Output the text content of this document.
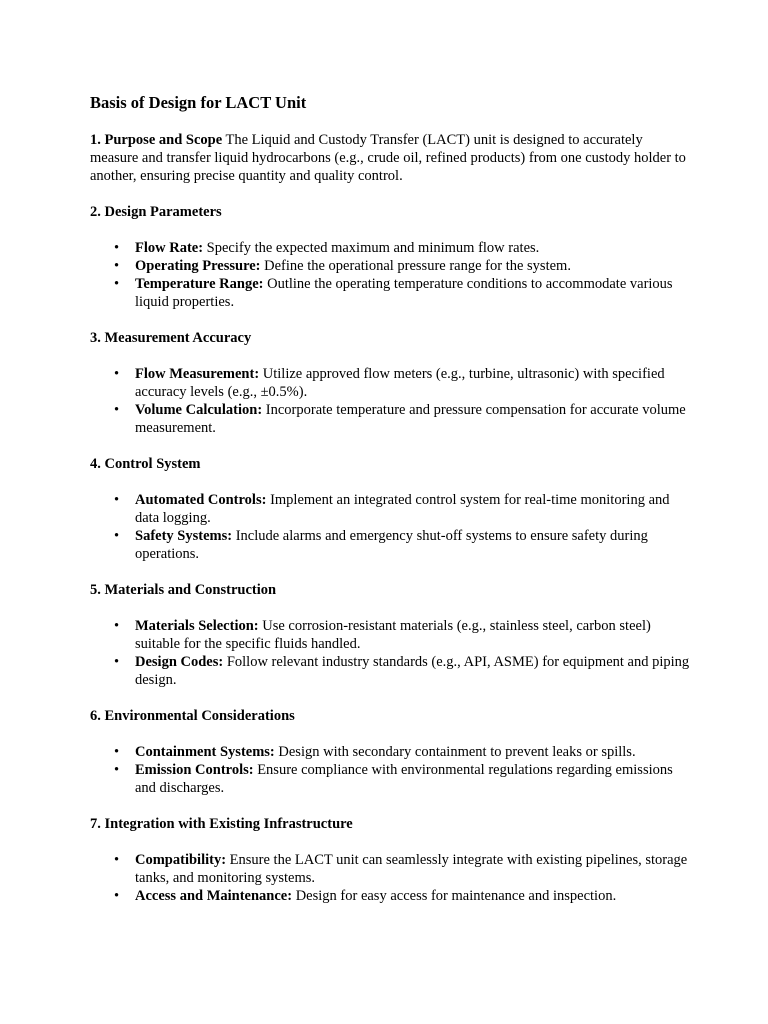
Basis of Design for LACT Unit

1. Purpose and Scope The Liquid and Custody Transfer (LACT) unit is designed to accurately measure and transfer liquid hydrocarbons (e.g., crude oil, refined products) from one custody holder to another, ensuring precise quantity and quality control.

2. Design Parameters
• Flow Rate: Specify the expected maximum and minimum flow rates.
• Operating Pressure: Define the operational pressure range for the system.
• Temperature Range: Outline the operating temperature conditions to accommodate various liquid properties.
3. Measurement Accuracy
• Flow Measurement: Utilize approved flow meters (e.g., turbine, ultrasonic) with specified accuracy levels (e.g., ±0.5%).
• Volume Calculation: Incorporate temperature and pressure compensation for accurate volume measurement.
4. Control System
• Automated Controls: Implement an integrated control system for real-time monitoring and data logging.
• Safety Systems: Include alarms and emergency shut-off systems to ensure safety during operations.
5. Materials and Construction
• Materials Selection: Use corrosion-resistant materials (e.g., stainless steel, carbon steel) suitable for the specific fluids handled.
• Design Codes: Follow relevant industry standards (e.g., API, ASME) for equipment and piping design.
6. Environmental Considerations
• Containment Systems: Design with secondary containment to prevent leaks or spills.
• Emission Controls: Ensure compliance with environmental regulations regarding emissions and discharges.
7. Integration with Existing Infrastructure
• Compatibility: Ensure the LACT unit can seamlessly integrate with existing pipelines, storage tanks, and monitoring systems.
• Access and Maintenance: Design for easy access for maintenance and inspection.
